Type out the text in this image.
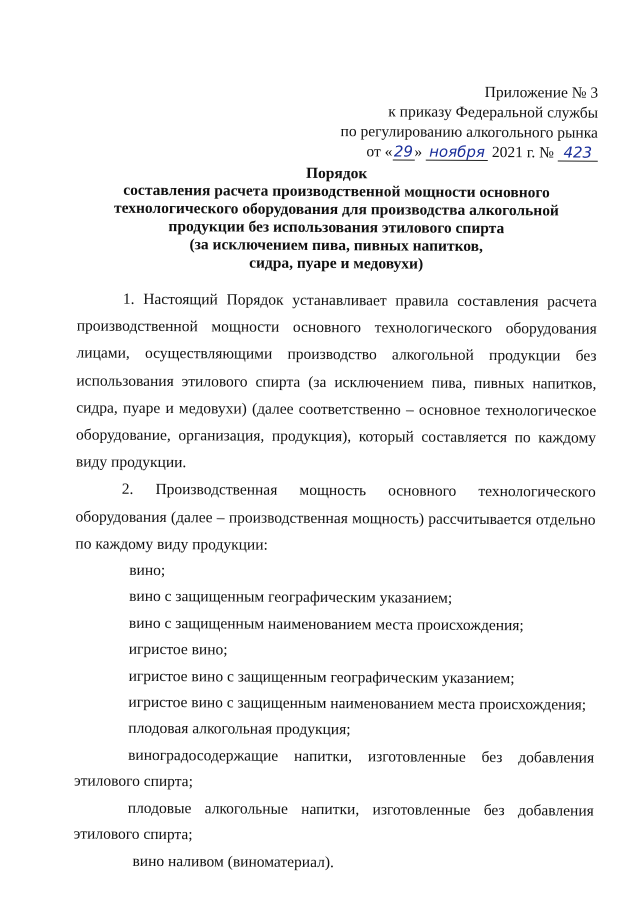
Приложение № 3
к приказу Федеральной службы
по регулированию алкогольного рынка
от «29» ноября 2021 г. № 423
Порядок
составления расчета производственной мощности основного
технологического оборудования для производства алкогольной
продукции без использования этилового спирта
(за исключением пива, пивных напитков,
сидра, пуаре и медовухи)

1. Настоящий Порядок устанавливает правила составления расчета производственной мощности основного технологического оборудования лицами, осуществляющими производство алкогольной продукции без использования этилового спирта (за исключением пива, пивных напитков, сидра, пуаре и медовухи) (далее соответственно – основное технологическое оборудование, организация, продукция), который составляется по каждому виду продукции.

2. Производственная мощность основного технологического оборудования (далее – производственная мощность) рассчитывается отдельно по каждому виду продукции:

вино;

вино с защищенным географическим указанием;

вино с защищенным наименованием места происхождения;

игристое вино;

игристое вино с защищенным географическим указанием;

игристое вино с защищенным наименованием места происхождения;

плодовая алкогольная продукция;

виноградосодержащие напитки, изготовленные без добавления этилового спирта;

плодовые алкогольные напитки, изготовленные без добавления этилового спирта;

вино наливом (виноматериал).
